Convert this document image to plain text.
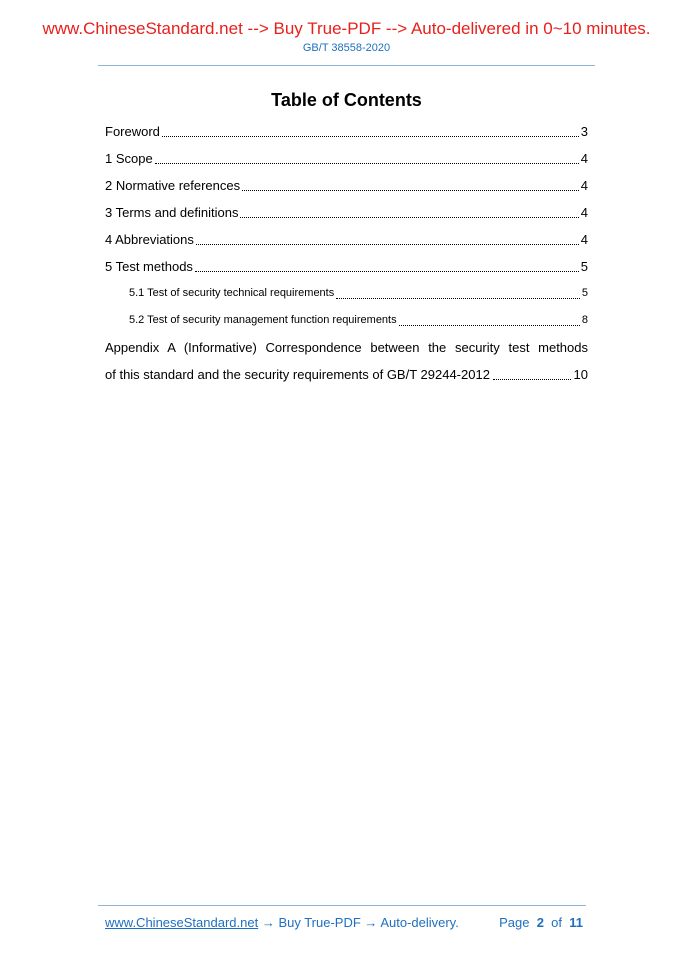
www.ChineseStandard.net --> Buy True-PDF --> Auto-delivered in 0~10 minutes.
GB/T 38558-2020
Table of Contents
Foreword	3
1 Scope	4
2 Normative references	4
3 Terms and definitions	4
4 Abbreviations	4
5 Test methods	5
5.1 Test of security technical requirements	5
5.2 Test of security management function requirements	8
Appendix A (Informative) Correspondence between the security test methods
of this standard and the security requirements of GB/T 29244-2012	10
www.ChineseStandard.net → Buy True-PDF → Auto-delivery.	Page 2 of 11
